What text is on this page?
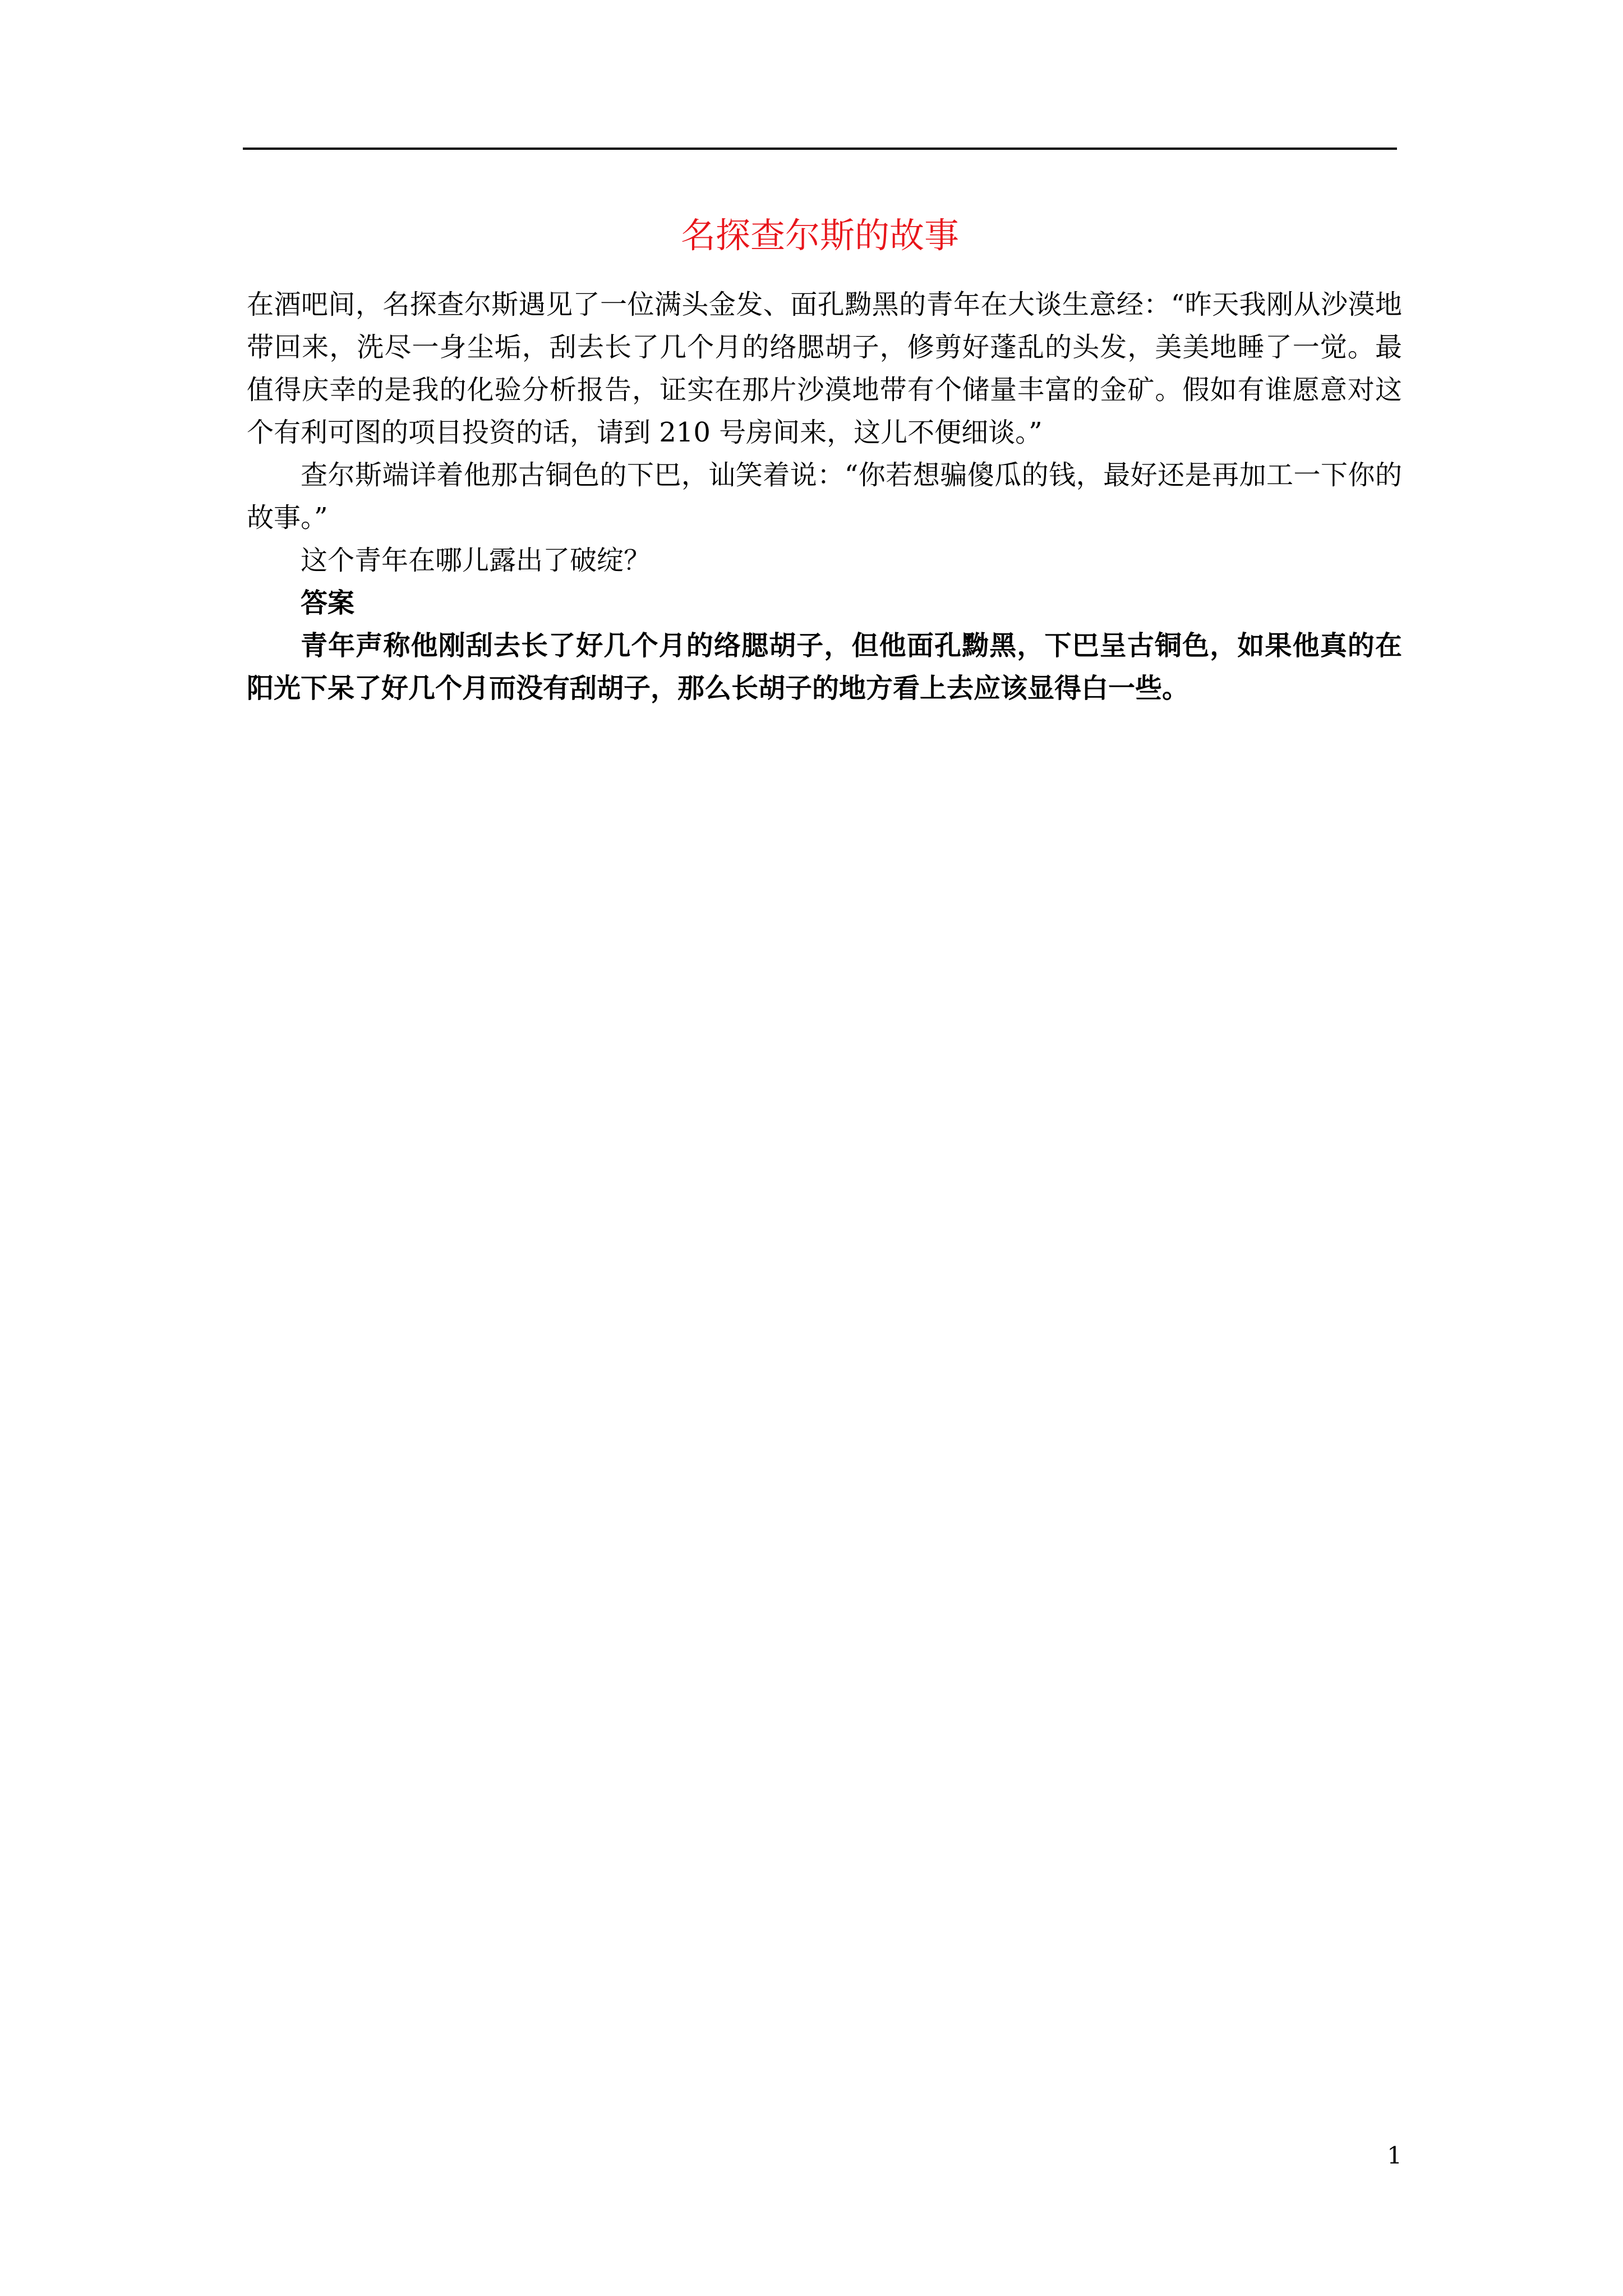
名探查尔斯的故事

在酒吧间，名探查尔斯遇见了一位满头金发、面孔黝黑的青年在大谈生意经：“昨天我刚从沙漠地带回来，洗尽一身尘垢，刮去长了几个月的络腮胡子，修剪好蓬乱的头发，美美地睡了一觉。最值得庆幸的是我的化验分析报告，证实在那片沙漠地带有个储量丰富的金矿。假如有谁愿意对这个有利可图的项目投资的话，请到 210 号房间来，这儿不便细谈。”

查尔斯端详着他那古铜色的下巴，讪笑着说：“你若想骗傻瓜的钱，最好还是再加工一下你的故事。”

这个青年在哪儿露出了破绽？

答案

青年声称他刚刮去长了好几个月的络腮胡子，但他面孔黝黑，下巴呈古铜色，如果他真的在阳光下呆了好几个月而没有刮胡子，那么长胡子的地方看上去应该显得白一些。

1
